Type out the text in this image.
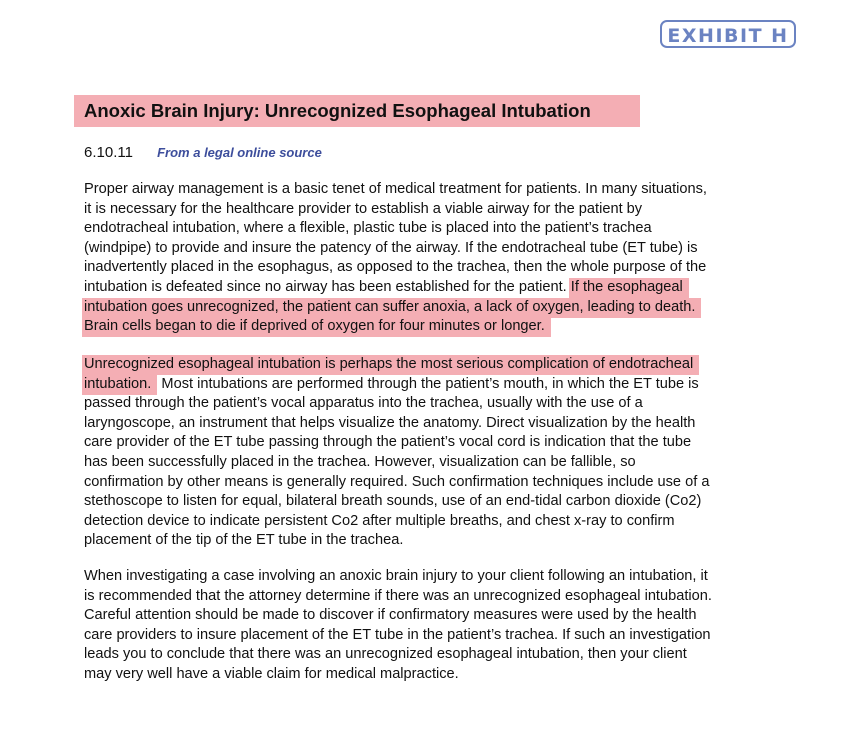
EXHIBIT H
Anoxic Brain Injury: Unrecognized Esophageal Intubation
6.10.11 From a legal online source
Proper airway management is a basic tenet of medical treatment for patients. In many situations,
it is necessary for the healthcare provider to establish a viable airway for the patient by
endotracheal intubation, where a flexible, plastic tube is placed into the patient’s trachea
(windpipe) to provide and insure the patency of the airway. If the endotracheal tube (ET tube) is
inadvertently placed in the esophagus, as opposed to the trachea, then the whole purpose of the
intubation is defeated since no airway has been established for the patient. If the esophageal
intubation goes unrecognized, the patient can suffer anoxia, a lack of oxygen, leading to death.
Brain cells began to die if deprived of oxygen for four minutes or longer.
Unrecognized esophageal intubation is perhaps the most serious complication of endotracheal
intubation. Most intubations are performed through the patient’s mouth, in which the ET tube is
passed through the patient’s vocal apparatus into the trachea, usually with the use of a
laryngoscope, an instrument that helps visualize the anatomy. Direct visualization by the health
care provider of the ET tube passing through the patient’s vocal cord is indication that the tube
has been successfully placed in the trachea. However, visualization can be fallible, so
confirmation by other means is generally required. Such confirmation techniques include use of a
stethoscope to listen for equal, bilateral breath sounds, use of an end-tidal carbon dioxide (Co2)
detection device to indicate persistent Co2 after multiple breaths, and chest x-ray to confirm
placement of the tip of the ET tube in the trachea.
When investigating a case involving an anoxic brain injury to your client following an intubation, it
is recommended that the attorney determine if there was an unrecognized esophageal intubation.
Careful attention should be made to discover if confirmatory measures were used by the health
care providers to insure placement of the ET tube in the patient’s trachea. If such an investigation
leads you to conclude that there was an unrecognized esophageal intubation, then your client
may very well have a viable claim for medical malpractice.
